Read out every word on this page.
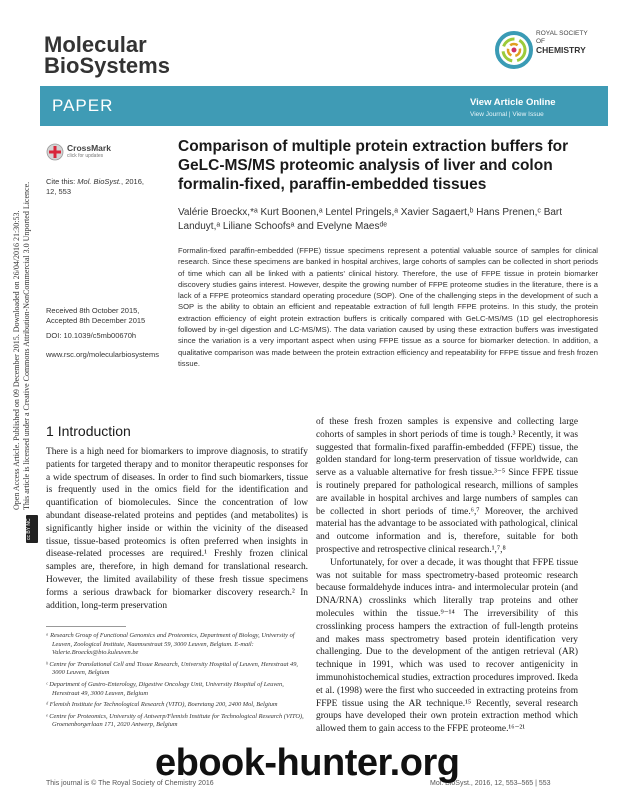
Molecular
BioSystems
ROYAL SOCIETY
OF
CHEMISTRY
PAPER	View Article Online
View Journal | View Issue
CrossMark
click for updates
Cite this: Mol. BioSyst., 2016,
12, 553
Comparison of multiple protein extraction buffers for GeLC-MS/MS proteomic analysis of liver and colon formalin-fixed, paraffin-embedded tissues
Valérie Broeckx,*ᵃ Kurt Boonen,ᵃ Lentel Pringels,ᵃ Xavier Sagaert,ᵇ Hans Prenen,ᶜ Bart Landuyt,ᵃ Liliane Schoofsᵃ and Evelyne Maesᵈᵉ
Formalin-fixed paraffin-embedded (FFPE) tissue specimens represent a potential valuable source of samples for clinical research. Since these specimens are banked in hospital archives, large cohorts of samples can be collected in short periods of time which can all be linked with a patients' clinical history. Therefore, the use of FFPE tissue in protein biomarker discovery studies gains interest. However, despite the growing number of FFPE proteome studies in the literature, there is a lack of a FFPE proteomics standard operating procedure (SOP). One of the challenging steps in the development of such a SOP is the ability to obtain an efficient and repeatable extraction of full length FFPE proteins. In this study, the protein extraction efficiency of eight protein extraction buffers is critically compared with GeLC-MS/MS (1D gel electrophoresis followed by in-gel digestion and LC-MS/MS). The data variation caused by using these extraction buffers was investigated since the variation is a very important aspect when using FFPE tissue as a source for biomarker detection. In addition, a qualitative comparison was made between the protein extraction efficiency and repeatability for FFPE tissue and fresh frozen tissue.
Received 8th October 2015,
Accepted 8th December 2015
DOI: 10.1039/c5mb00670h
www.rsc.org/molecularbiosystems
Open Access Article. Published on 09 December 2015. Downloaded on 26/04/2016 21:30:53. This article is licensed under a Creative Commons Attribution-NonCommercial 3.0 Unported Licence.
cc BY NC
1 Introduction

There is a high need for biomarkers to improve diagnosis, to stratify patients for targeted therapy and to monitor therapeutic responses for a wide spectrum of diseases. In order to find such biomarkers, tissue is frequently used in the omics field for the identification and quantification of biomolecules. Since the concentration of low abundant disease-related proteins and peptides (and metabolites) is significantly higher inside or within the vicinity of the diseased tissue, tissue-based proteomics is often preferred when insights in disease-related processes are required.¹ Freshly frozen clinical samples are, therefore, in high demand for translational research. However, the limited availability of these fresh tissue specimens forms a serious drawback for biomarker discovery research.² In addition, long-term preservation

of these fresh frozen samples is expensive and collecting large cohorts of samples in short periods of time is tough.³ Recently, it was suggested that formalin-fixed paraffin-embedded (FFPE) tissue, the golden standard for long-term preservation of tissue worldwide, can serve as a valuable alternative for fresh tissue.³⁻⁵ Since FFPE tissue is routinely prepared for pathological research, millions of samples are available in hospital archives and large numbers of samples can be collected in short periods of time.⁶,⁷ Moreover, the archived material has the advantage to be associated with pathological, clinical and outcome information and is, therefore, suitable for both prospective and retrospective clinical research.¹,⁷,⁸

Unfortunately, for over a decade, it was thought that FFPE tissue was not suitable for mass spectrometry-based proteomic research because formaldehyde induces intra- and intermolecular protein (and DNA/RNA) crosslinks which literally trap proteins and other molecules within the tissue.⁹⁻¹⁴ The irreversibility of this crosslinking process hampers the extraction of full-length proteins and makes mass spectrometry based protein identification very challenging. Due to the development of the antigen retrieval (AR) technique in 1991, which was used to recover antigenicity in immunohistochemical studies, extraction procedures improved. Ikeda et al. (1998) were the first who succeeded in extracting proteins from FFPE tissue using the AR technique.¹⁵ Recently, several research groups have developed their own protein extraction method which allowed them to gain access to the FFPE proteome.¹⁶⁻²¹

ᵃ Research Group of Functional Genomics and Proteomics, Department of Biology, University of Leuven, Zoological Institute, Naamsestraat 59, 3000 Leuven, Belgium. E-mail: Valerie.Broeckx@bio.kuleuven.be
ᵇ Centre for Translational Cell and Tissue Research, University Hospital of Leuven, Herestraat 49, 3000 Leuven, Belgium
ᶜ Department of Gastro-Enterology, Digestive Oncology Unit, University Hospital of Leuven, Herestraat 49, 3000 Leuven, Belgium
ᵈ Flemish Institute for Technological Research (VITO), Boeretang 200, 2400 Mol, Belgium
ᵉ Centre for Proteomics, University of Antwerp/Flemish Institute for Technological Research (VITO), Groenenborgerlaan 171, 2020 Antwerp, Belgium
This journal is © The Royal Society of Chemistry 2016	Mol. BioSyst., 2016, 12, 553–565 | 553
ebook-hunter.org
